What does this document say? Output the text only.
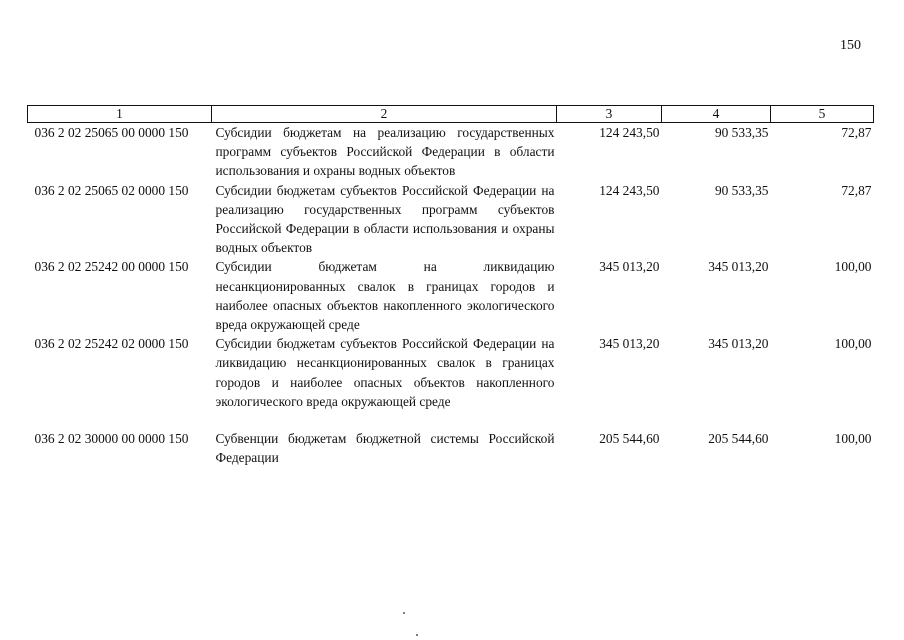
150
1	2	3	4	5
036 2 02 25065 00 0000 150	Субсидии бюджетам на реализацию государственных программ субъектов Российской Федерации в области использования и охраны водных объектов	124 243,50	90 533,35	72,87
036 2 02 25065 02 0000 150	Субсидии бюджетам субъектов Российской Федерации на реализацию государственных программ субъектов Российской Федерации в области использования и охраны водных объектов	124 243,50	90 533,35	72,87
036 2 02 25242 00 0000 150	Субсидии бюджетам на ликвидацию несанкционированных свалок в границах городов и наиболее опасных объектов накопленного экологического вреда окружающей среде	345 013,20	345 013,20	100,00
036 2 02 25242 02 0000 150	Субсидии бюджетам субъектов Российской Федерации на ликвидацию несанкционированных свалок в границах городов и наиболее опасных объектов накопленного экологического вреда окружающей среде	345 013,20	345 013,20	100,00

036 2 02 30000 00 0000 150	Субвенции бюджетам бюджетной системы Российской Федерации	205 544,60	205 544,60	100,00
